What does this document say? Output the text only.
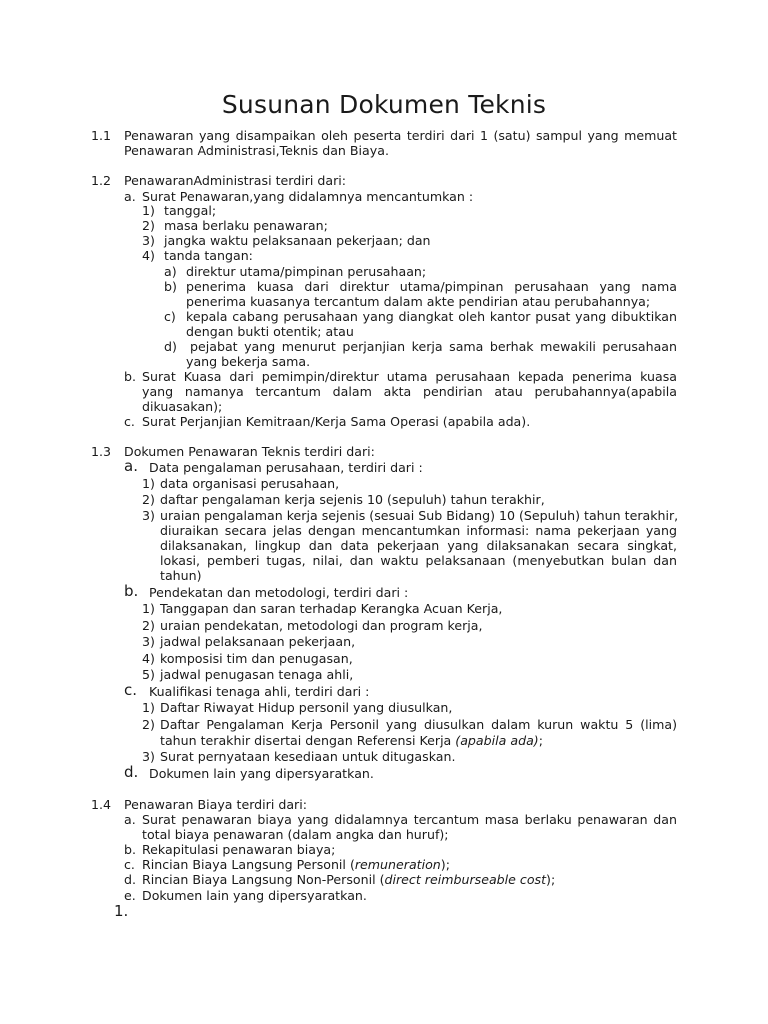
Susunan Dokumen Teknis
1.1 Penawaran yang disampaikan oleh peserta terdiri dari 1 (satu) sampul yang memuat
Penawaran Administrasi,Teknis dan Biaya.
1.2 PenawaranAdministrasi terdiri dari:
a. Surat Penawaran,yang didalamnya mencantumkan :
1) tanggal;
2) masa berlaku penawaran;
3) jangka waktu pelaksanaan pekerjaan; dan
4) tanda tangan:
a) direktur utama/pimpinan perusahaan;
b) penerima kuasa dari direktur utama/pimpinan perusahaan yang nama
penerima kuasanya tercantum dalam akte pendirian atau perubahannya;
c) kepala cabang perusahaan yang diangkat oleh kantor pusat yang dibuktikan
dengan bukti otentik; atau
d) pejabat yang menurut perjanjian kerja sama berhak mewakili perusahaan
yang bekerja sama.
b. Surat Kuasa dari pemimpin/direktur utama perusahaan kepada penerima kuasa
yang namanya tercantum dalam akta pendirian atau perubahannya(apabila
dikuasakan);
c. Surat Perjanjian Kemitraan/Kerja Sama Operasi (apabila ada).
1.3 Dokumen Penawaran Teknis terdiri dari:
a. Data pengalaman perusahaan, terdiri dari :
1) data organisasi perusahaan,
2) daftar pengalaman kerja sejenis 10 (sepuluh) tahun terakhir,
3) uraian pengalaman kerja sejenis (sesuai Sub Bidang) 10 (Sepuluh) tahun terakhir,
diuraikan secara jelas dengan mencantumkan informasi: nama pekerjaan yang
dilaksanakan, lingkup dan data pekerjaan yang dilaksanakan secara singkat,
lokasi, pemberi tugas, nilai, dan waktu pelaksanaan (menyebutkan bulan dan
tahun)
b. Pendekatan dan metodologi, terdiri dari :
1) Tanggapan dan saran terhadap Kerangka Acuan Kerja,
2) uraian pendekatan, metodologi dan program kerja,
3) jadwal pelaksanaan pekerjaan,
4) komposisi tim dan penugasan,
5) jadwal penugasan tenaga ahli,
c. Kualifikasi tenaga ahli, terdiri dari :
1) Daftar Riwayat Hidup personil yang diusulkan,
2) Daftar Pengalaman Kerja Personil yang diusulkan dalam kurun waktu 5 (lima)
tahun terakhir disertai dengan Referensi Kerja (apabila ada);
3) Surat pernyataan kesediaan untuk ditugaskan.
d. Dokumen lain yang dipersyaratkan.
1.4 Penawaran Biaya terdiri dari:
a. Surat penawaran biaya yang didalamnya tercantum masa berlaku penawaran dan
total biaya penawaran (dalam angka dan huruf);
b. Rekapitulasi penawaran biaya;
c. Rincian Biaya Langsung Personil (remuneration);
d. Rincian Biaya Langsung Non-Personil (direct reimburseable cost);
e. Dokumen lain yang dipersyaratkan.
1.
